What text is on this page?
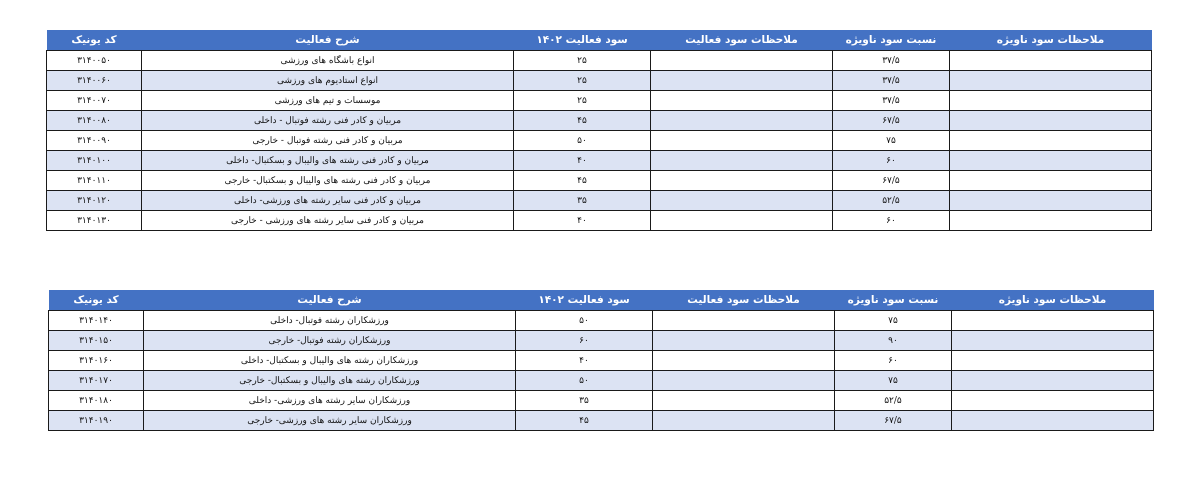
کد یونیک	شرح فعالیت	سود فعالیت ۱۴۰۲	ملاحظات سود فعالیت	نسبت سود ناویژه	ملاحظات سود ناویژه
۳۱۴۰۰۵۰	انواع باشگاه های ورزشی	۲۵		۳۷/۵	
۳۱۴۰۰۶۰	انواع استادیوم های ورزشی	۲۵		۳۷/۵	
۳۱۴۰۰۷۰	موسسات و تیم های ورزشی	۲۵		۳۷/۵	
۳۱۴۰۰۸۰	مربیان و کادر فنی رشته فوتبال - داخلی	۴۵		۶۷/۵	
۳۱۴۰۰۹۰	مربیان و کادر فنی رشته فوتبال - خارجی	۵۰		۷۵	
۳۱۴۰۱۰۰	مربیان و کادر فنی رشته های والیبال و بسکتبال- داخلی	۴۰		۶۰	
۳۱۴۰۱۱۰	مربیان و کادر فنی رشته های والیبال و بسکتبال- خارجی	۴۵		۶۷/۵	
۳۱۴۰۱۲۰	مربیان و کادر فنی سایر رشته های ورزشی- داخلی	۳۵		۵۲/۵	
۳۱۴۰۱۳۰	مربیان و کادر فنی سایر رشته های ورزشی - خارجی	۴۰		۶۰	
کد یونیک	شرح فعالیت	سود فعالیت ۱۴۰۲	ملاحظات سود فعالیت	نسبت سود ناویژه	ملاحظات سود ناویژه
۳۱۴۰۱۴۰	ورزشکاران رشته فوتبال- داخلی	۵۰		۷۵	
۳۱۴۰۱۵۰	ورزشکاران رشته فوتبال- خارجی	۶۰		۹۰	
۳۱۴۰۱۶۰	ورزشکاران رشته های والیبال و بسکتبال- داخلی	۴۰		۶۰	
۳۱۴۰۱۷۰	ورزشکاران رشته های والیبال و بسکتبال- خارجی	۵۰		۷۵	
۳۱۴۰۱۸۰	ورزشکاران سایر رشته های ورزشی- داخلی	۳۵		۵۲/۵	
۳۱۴۰۱۹۰	ورزشکاران سایر رشته های ورزشی- خارجی	۴۵		۶۷/۵	
